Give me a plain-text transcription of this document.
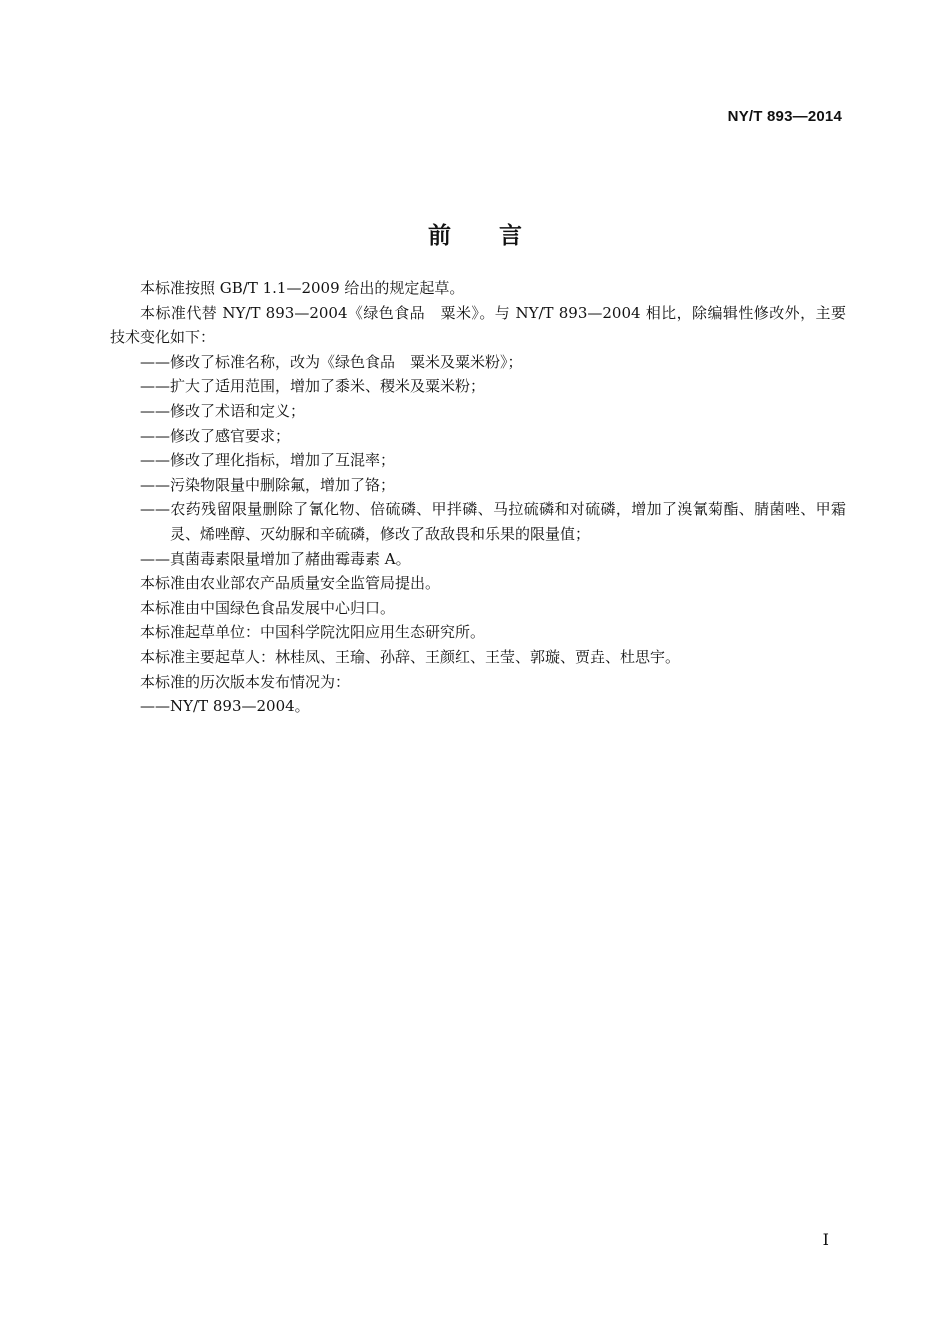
NY/T 893—2014
前言

本标准按照 GB/T 1.1—2009 给出的规定起草。

本标准代替 NY/T 893—2004《绿色食品　粟米》。与 NY/T 893—2004 相比，除编辑性修改外，主要技术变化如下：

——修改了标准名称，改为《绿色食品　粟米及粟米粉》；

——扩大了适用范围，增加了黍米、稷米及粟米粉；

——修改了术语和定义；

——修改了感官要求；

——修改了理化指标，增加了互混率；

——污染物限量中删除氟，增加了铬；

——农药残留限量删除了氰化物、倍硫磷、甲拌磷、马拉硫磷和对硫磷，增加了溴氰菊酯、腈菌唑、甲霜灵、烯唑醇、灭幼脲和辛硫磷，修改了敌敌畏和乐果的限量值；

——真菌毒素限量增加了赭曲霉毒素 A。

本标准由农业部农产品质量安全监管局提出。

本标准由中国绿色食品发展中心归口。

本标准起草单位：中国科学院沈阳应用生态研究所。

本标准主要起草人：林桂凤、王瑜、孙辞、王颜红、王莹、郭璇、贾垚、杜思宇。

本标准的历次版本发布情况为：

——NY/T 893—2004。

I
